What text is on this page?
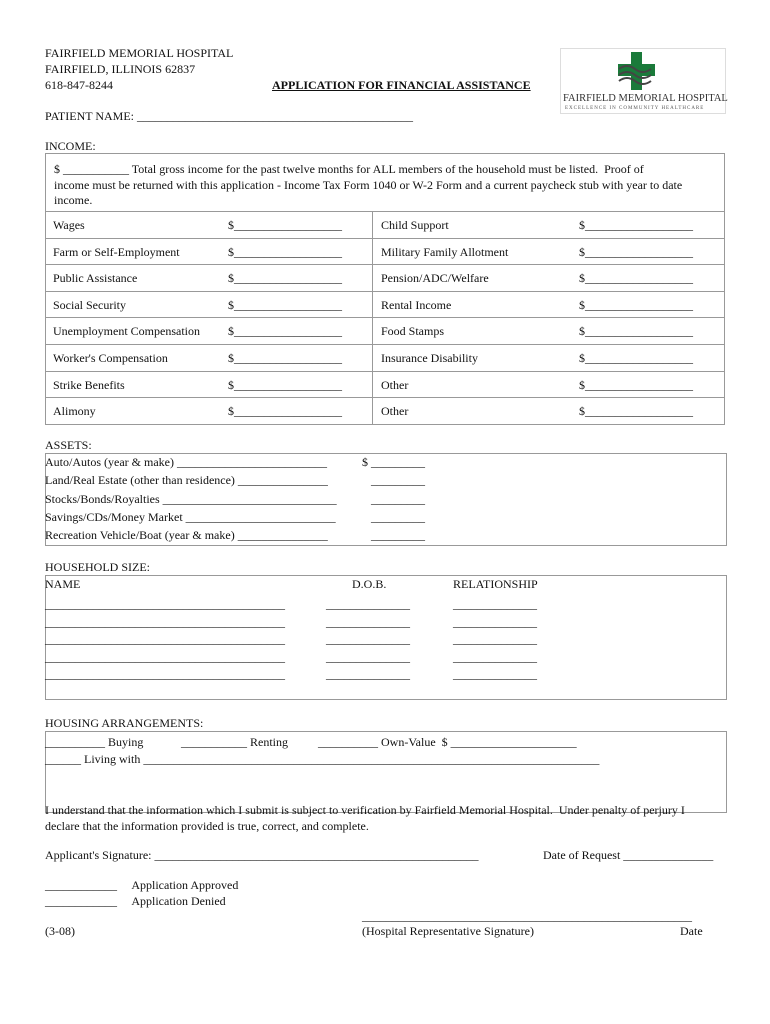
FAIRFIELD MEMORIAL HOSPITAL
FAIRFIELD, ILLINOIS 62837
618-847-8244	APPLICATION FOR FINANCIAL ASSISTANCE
FAIRFIELD MEMORIAL HOSPITAL
EXCELLENCE IN COMMUNITY HEALTHCARE
PATIENT NAME: ______________________________________________
INCOME:
$ ___________ Total gross income for the past twelve months for ALL members of the household must be listed.  Proof of
income must be returned with this application - Income Tax Form 1040 or W-2 Form and a current paycheck stub with year to date
income.
Wages	$__________________	Child Support	$__________________
Farm or Self-Employment	$__________________	Military Family Allotment	$__________________
Public Assistance	$__________________	Pension/ADC/Welfare	$__________________
Social Security	$__________________	Rental Income	$__________________
Unemployment Compensation $__________________	Food Stamps	$__________________
Worker's Compensation	$__________________	Insurance Disability	$__________________
Strike Benefits	$__________________	Other	$__________________
Alimony	$__________________	Other	$__________________
ASSETS:
Auto/Autos (year & make) _________________________	$ _________
Land/Real Estate (other than residence) _______________	_________
Stocks/Bonds/Royalties _____________________________	_________
Savings/CDs/Money Market _________________________	_________
Recreation Vehicle/Boat (year & make) _______________	_________
HOUSEHOLD SIZE:
NAME	D.O.B.	RELATIONSHIP
________________________________________	______________	______________
________________________________________	______________	______________
________________________________________	______________	______________
________________________________________	______________	______________
________________________________________	______________	______________
HOUSING ARRANGEMENTS:
__________ Buying	___________ Renting	__________ Own-Value  $ _____________________
______ Living with ____________________________________________________________________________
I understand that the information which I submit is subject to verification by Fairfield Memorial Hospital.  Under penalty of perjury I
declare that the information provided is true, correct, and complete.
Applicant's Signature: ______________________________________________________	Date of Request _______________
____________     Application Approved
____________     Application Denied
_______________________________________________________
(Hospital Representative Signature)	Date
(3-08)
